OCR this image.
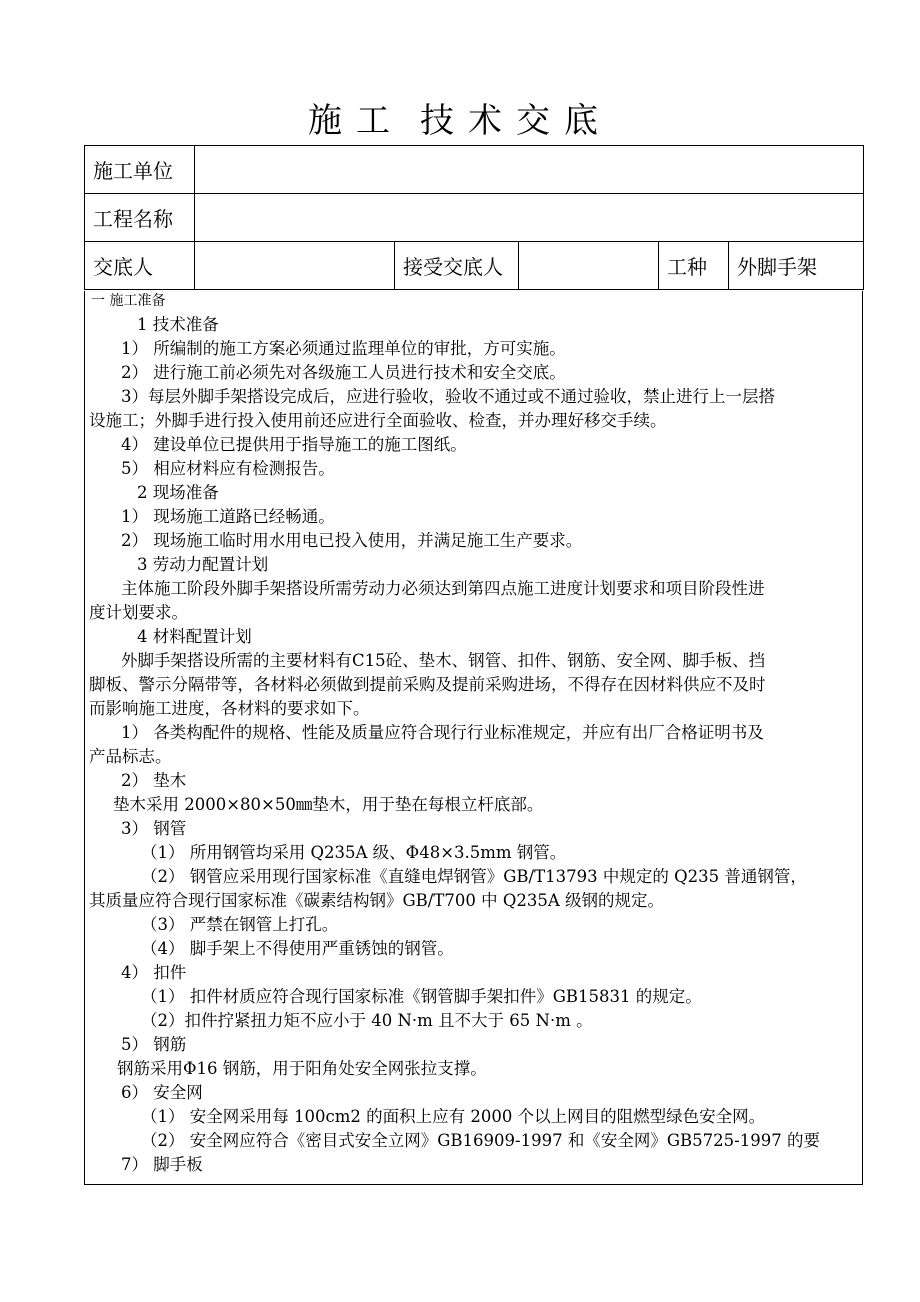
施工 技术交底
施工单位					
工程名称					
交底人		接受交底人		工种	外脚手架
一 施工准备
1 技术准备
1） 所编制的施工方案必须通过监理单位的审批，方可实施。
2） 进行施工前必须先对各级施工人员进行技术和安全交底。
3）每层外脚手架搭设完成后，应进行验收，验收不通过或不通过验收，禁止进行上一层搭
设施工；外脚手进行投入使用前还应进行全面验收、检查，并办理好移交手续。
4） 建设单位已提供用于指导施工的施工图纸。
5） 相应材料应有检测报告。
2 现场准备
1） 现场施工道路已经畅通。
2） 现场施工临时用水用电已投入使用，并满足施工生产要求。
3 劳动力配置计划
主体施工阶段外脚手架搭设所需劳动力必须达到第四点施工进度计划要求和项目阶段性进
度计划要求。
4 材料配置计划
外脚手架搭设所需的主要材料有C15砼、垫木、钢管、扣件、钢筋、安全网、脚手板、挡
脚板、警示分隔带等，各材料必须做到提前采购及提前采购进场，不得存在因材料供应不及时
而影响施工进度，各材料的要求如下。
1） 各类构配件的规格、性能及质量应符合现行行业标准规定，并应有出厂合格证明书及
产品标志。
2） 垫木
垫木采用 2000×80×50㎜垫木，用于垫在每根立杆底部。
3） 钢管
（1） 所用钢管均采用 Q235A 级、Φ48×3.5mm 钢管。
（2） 钢管应采用现行国家标准《直缝电焊钢管》GB/T13793 中规定的 Q235 普通钢管，
其质量应符合现行国家标准《碳素结构钢》GB/T700 中 Q235A 级钢的规定。
（3） 严禁在钢管上打孔。
（4） 脚手架上不得使用严重锈蚀的钢管。
4） 扣件
（1） 扣件材质应符合现行国家标准《钢管脚手架扣件》GB15831 的规定。
（2）扣件拧紧扭力矩不应小于 40 N·m 且不大于 65 N·m 。
5） 钢筋
钢筋采用Φ16 钢筋，用于阳角处安全网张拉支撑。
6） 安全网
（1） 安全网采用每 100cm2 的面积上应有 2000 个以上网目的阻燃型绿色安全网。
（2） 安全网应符合《密目式安全立网》GB16909-1997 和《安全网》GB5725-1997 的要
7） 脚手板
